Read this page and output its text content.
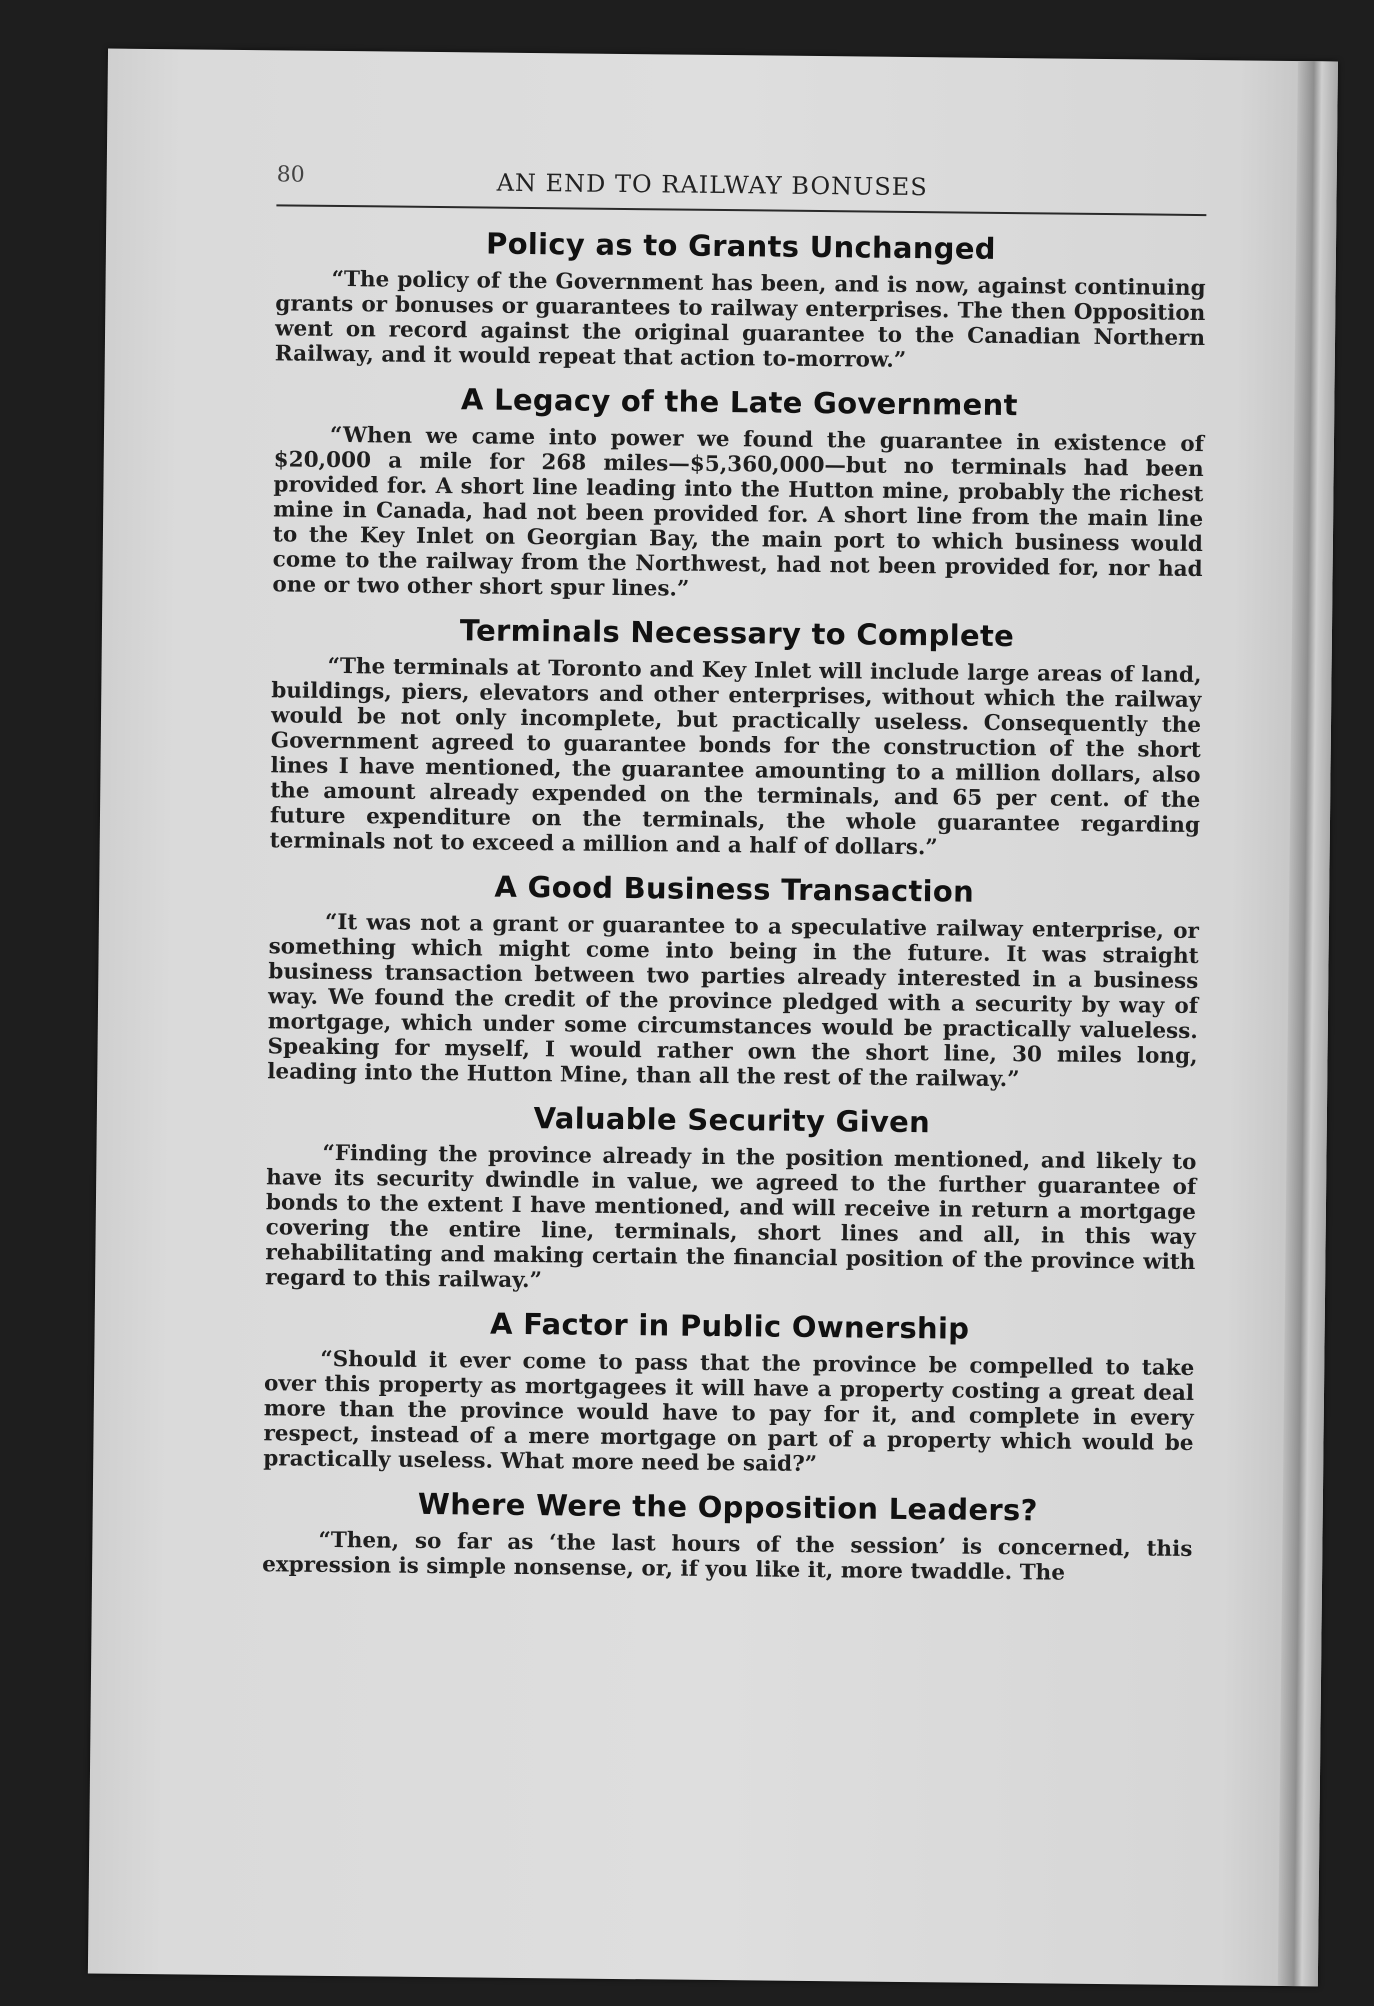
80	AN END TO RAILWAY BONUSES
Policy as to Grants Unchanged

“The policy of the Government has been, and is now, against continuing grants or bonuses or guarantees to railway enterprises. The then Opposition went on record against the original guarantee to the Canadian Northern Railway, and it would repeat that action to-morrow.”

A Legacy of the Late Government

“When we came into power we found the guarantee in existence of $20,000 a mile for 268 miles—$5,360,000—but no terminals had been provided for. A short line leading into the Hutton mine, probably the richest mine in Canada, had not been provided for. A short line from the main line to the Key Inlet on Georgian Bay, the main port to which business would come to the railway from the Northwest, had not been provided for, nor had one or two other short spur lines.”

Terminals Necessary to Complete

“The terminals at Toronto and Key Inlet will include large areas of land, buildings, piers, elevators and other enterprises, without which the railway would be not only incomplete, but practically useless. Consequently the Government agreed to guarantee bonds for the construction of the short lines I have mentioned, the guarantee amounting to a million dollars, also the amount already expended on the terminals, and 65 per cent. of the future expenditure on the terminals, the whole guarantee regarding terminals not to exceed a million and a half of dollars.”

A Good Business Transaction

“It was not a grant or guarantee to a speculative railway enterprise, or something which might come into being in the future. It was straight business transaction between two parties already interested in a business way. We found the credit of the province pledged with a security by way of mortgage, which under some circumstances would be practically valueless. Speaking for myself, I would rather own the short line, 30 miles long, leading into the Hutton Mine, than all the rest of the railway.”

Valuable Security Given

“Finding the province already in the position mentioned, and likely to have its security dwindle in value, we agreed to the further guarantee of bonds to the extent I have mentioned, and will receive in return a mortgage covering the entire line, terminals, short lines and all, in this way rehabilitating and making certain the financial position of the province with regard to this railway.”

A Factor in Public Ownership

“Should it ever come to pass that the province be compelled to take over this property as mortgagees it will have a property costing a great deal more than the province would have to pay for it, and complete in every respect, instead of a mere mortgage on part of a property which would be practically useless. What more need be said?”

Where Were the Opposition Leaders?

“Then, so far as ‘the last hours of the session’ is concerned, this expression is simple nonsense, or, if you like it, more twaddle. The
